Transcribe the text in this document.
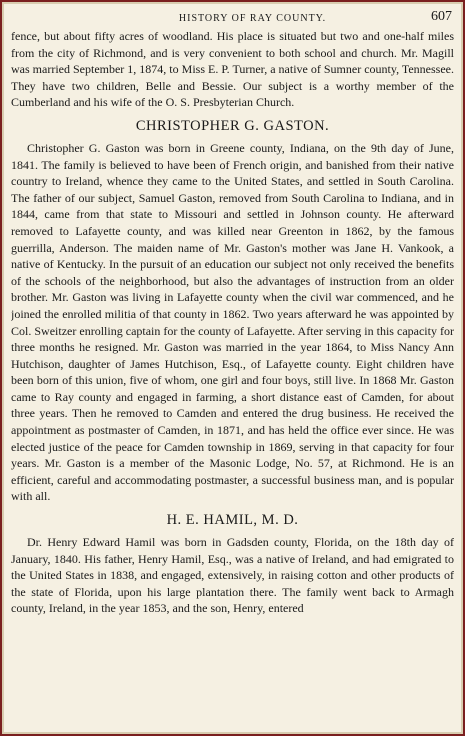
HISTORY OF RAY COUNTY.	607

fence, but about fifty acres of woodland. His place is situated but two and one-half miles from the city of Richmond, and is very convenient to both school and church. Mr. Magill was married September 1, 1874, to Miss E. P. Turner, a native of Sumner county, Tennessee. They have two children, Belle and Bessie. Our subject is a worthy member of the Cumberland and his wife of the O. S. Presbyterian Church.

CHRISTOPHER G. GASTON.

Christopher G. Gaston was born in Greene county, Indiana, on the 9th day of June, 1841. The family is believed to have been of French origin, and banished from their native country to Ireland, whence they came to the United States, and settled in South Carolina. The father of our subject, Samuel Gaston, removed from South Carolina to Indiana, and in 1844, came from that state to Missouri and settled in Johnson county. He afterward removed to Lafayette county, and was killed near Greenton in 1862, by the famous guerrilla, Anderson. The maiden name of Mr. Gaston's mother was Jane H. Vankook, a native of Kentucky. In the pursuit of an education our subject not only received the benefits of the schools of the neighborhood, but also the advantages of instruction from an older brother. Mr. Gaston was living in Lafayette county when the civil war commenced, and he joined the enrolled militia of that county in 1862. Two years afterward he was appointed by Col. Sweitzer enrolling captain for the county of Lafayette. After serving in this capacity for three months he resigned. Mr. Gaston was married in the year 1864, to Miss Nancy Ann Hutchison, daughter of James Hutchison, Esq., of Lafayette county. Eight children have been born of this union, five of whom, one girl and four boys, still live. In 1868 Mr. Gaston came to Ray county and engaged in farming, a short distance east of Camden, for about three years. Then he removed to Camden and entered the drug business. He received the appointment as postmaster of Camden, in 1871, and has held the office ever since. He was elected justice of the peace for Camden township in 1869, serving in that capacity for four years. Mr. Gaston is a member of the Masonic Lodge, No. 57, at Richmond. He is an efficient, careful and accommodating postmaster, a successful business man, and is popular with all.

H. E. HAMIL, M. D.

Dr. Henry Edward Hamil was born in Gadsden county, Florida, on the 18th day of January, 1840. His father, Henry Hamil, Esq., was a native of Ireland, and had emigrated to the United States in 1838, and engaged, extensively, in raising cotton and other products of the state of Florida, upon his large plantation there. The family went back to Armagh county, Ireland, in the year 1853, and the son, Henry, entered
